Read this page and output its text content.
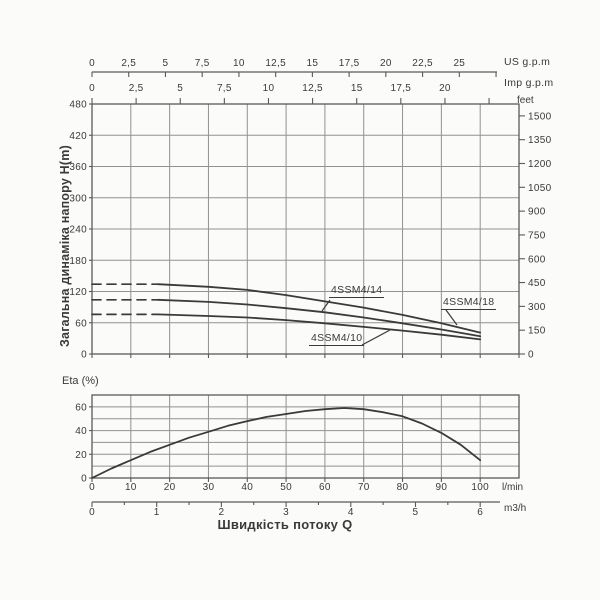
0
60
120
180
240
300
360
420
480
0
150
300
450
600
750
900
1050
1200
1350
1500
0	2,5	5	7,5 10 12,5 15 17,5 20 22,5 25
0	2,5	5	7,5	10	12,5	15	17,5	20
0
20
40
60
0	10	20	30	40	50	60	70	80	90 100
0	1	2	3	4	5	6
US g.p.m
Imp g.p.m
feet
l/min
m3/h
Загальна динаміка напору H(m)
Eta (%)
Швидкість потоку Q
4SSM4/14
4SSM4/18
4SSM4/10
